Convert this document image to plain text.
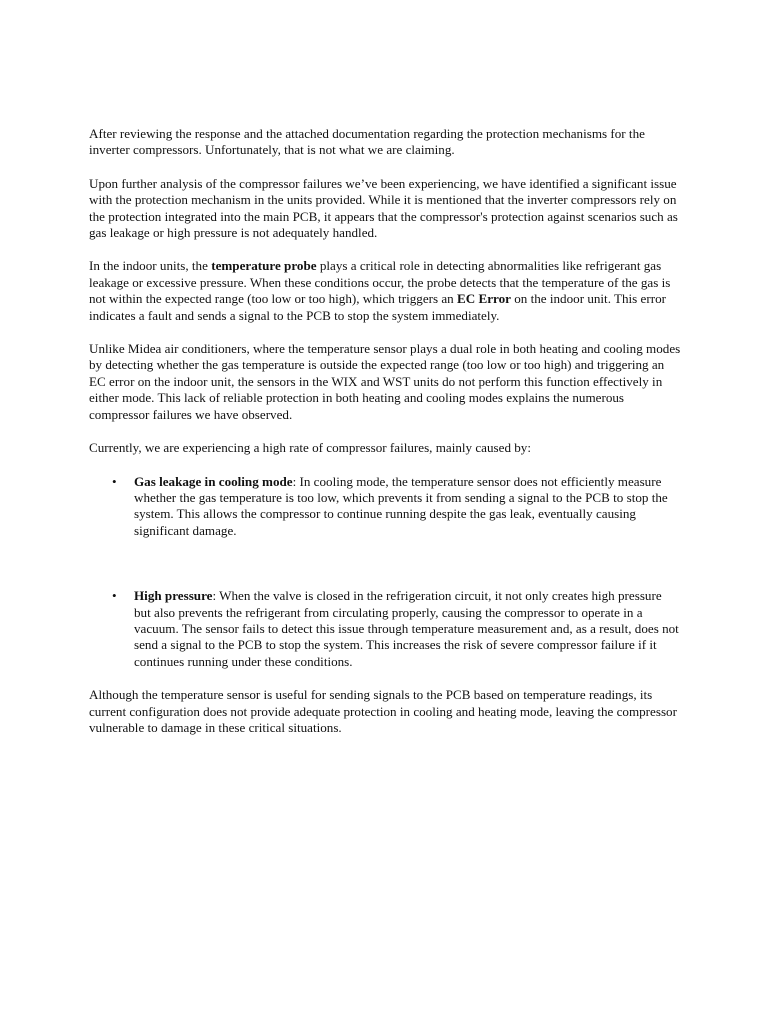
After reviewing the response and the attached documentation regarding the protection mechanisms for the inverter compressors. Unfortunately, that is not what we are claiming.

Upon further analysis of the compressor failures we’ve been experiencing, we have identified a significant issue with the protection mechanism in the units provided. While it is mentioned that the inverter compressors rely on the protection integrated into the main PCB, it appears that the compressor's protection against scenarios such as gas leakage or high pressure is not adequately handled.

In the indoor units, the temperature probe plays a critical role in detecting abnormalities like refrigerant gas leakage or excessive pressure. When these conditions occur, the probe detects that the temperature of the gas is not within the expected range (too low or too high), which triggers an EC Error on the indoor unit. This error indicates a fault and sends a signal to the PCB to stop the system immediately.

Unlike Midea air conditioners, where the temperature sensor plays a dual role in both heating and cooling modes by detecting whether the gas temperature is outside the expected range (too low or too high) and triggering an EC error on the indoor unit, the sensors in the WIX and WST units do not perform this function effectively in either mode. This lack of reliable protection in both heating and cooling modes explains the numerous compressor failures we have observed.

Currently, we are experiencing a high rate of compressor failures, mainly caused by:

• Gas leakage in cooling mode: In cooling mode, the temperature sensor does not efficiently measure whether the gas temperature is too low, which prevents it from sending a signal to the PCB to stop the system. This allows the compressor to continue running despite the gas leak, eventually causing significant damage.
• High pressure: When the valve is closed in the refrigeration circuit, it not only creates high pressure but also prevents the refrigerant from circulating properly, causing the compressor to operate in a vacuum. The sensor fails to detect this issue through temperature measurement and, as a result, does not send a signal to the PCB to stop the system. This increases the risk of severe compressor failure if it continues running under these conditions.

Although the temperature sensor is useful for sending signals to the PCB based on temperature readings, its current configuration does not provide adequate protection in cooling and heating mode, leaving the compressor vulnerable to damage in these critical situations.
